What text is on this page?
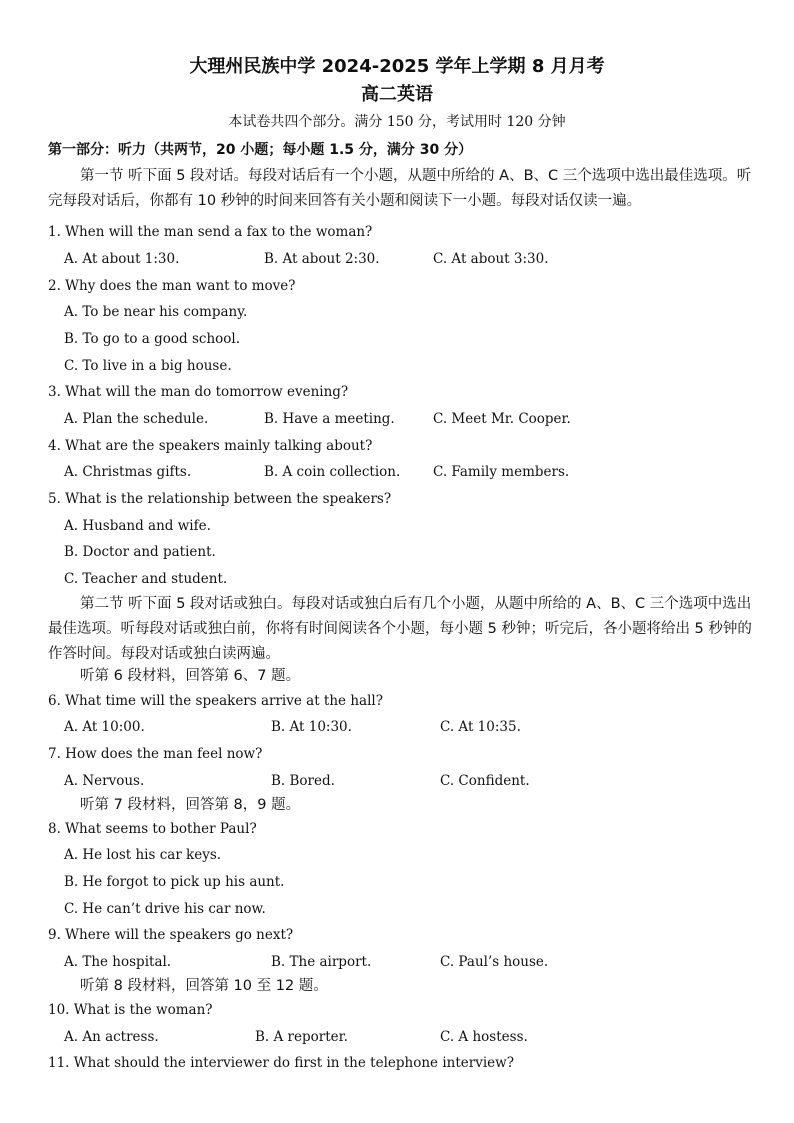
大理州民族中学 2024-2025 学年上学期 8 月月考
高二英语
本试卷共四个部分。满分 150 分，考试用时 120 分钟
第一部分：听力（共两节，20 小题；每小题 1.5 分，满分 30 分）
第一节 听下面 5 段对话。每段对话后有一个小题，从题中所给的 A、B、C 三个选项中选出最佳选项。听完每段对话后，你都有 10 秒钟的时间来回答有关小题和阅读下一小题。每段对话仅读一遍。
1. When will the man send a fax to the woman?
A. At about 1:30.	B. At about 2:30.	C. At about 3:30.
2. Why does the man want to move?
A. To be near his company.
B. To go to a good school.
C. To live in a big house.
3. What will the man do tomorrow evening?
A. Plan the schedule.	B. Have a meeting.	C. Meet Mr. Cooper.
4. What are the speakers mainly talking about?
A. Christmas gifts.	B. A coin collection. C. Family members.
5. What is the relationship between the speakers?
A. Husband and wife.
B. Doctor and patient.
C. Teacher and student.
第二节 听下面 5 段对话或独白。每段对话或独白后有几个小题，从题中所给的 A、B、C 三个选项中选出最佳选项。听每段对话或独白前，你将有时间阅读各个小题，每小题 5 秒钟；听完后，各小题将给出 5 秒钟的作答时间。每段对话或独白读两遍。
听第 6 段材料，回答第 6、7 题。
6. What time will the speakers arrive at the hall?
A. At 10:00.	B. At 10:30.	C. At 10:35.
7. How does the man feel now?
A. Nervous.	B. Bored.	C. Confident.
听第 7 段材料，回答第 8，9 题。
8. What seems to bother Paul?
A. He lost his car keys.
B. He forgot to pick up his aunt.
C. He can’t drive his car now.
9. Where will the speakers go next?
A. The hospital.	B. The airport.	C. Paul’s house.
听第 8 段材料，回答第 10 至 12 题。
10. What is the woman?
A. An actress.	B. A reporter.	C. A hostess.
11. What should the interviewer do first in the telephone interview?
